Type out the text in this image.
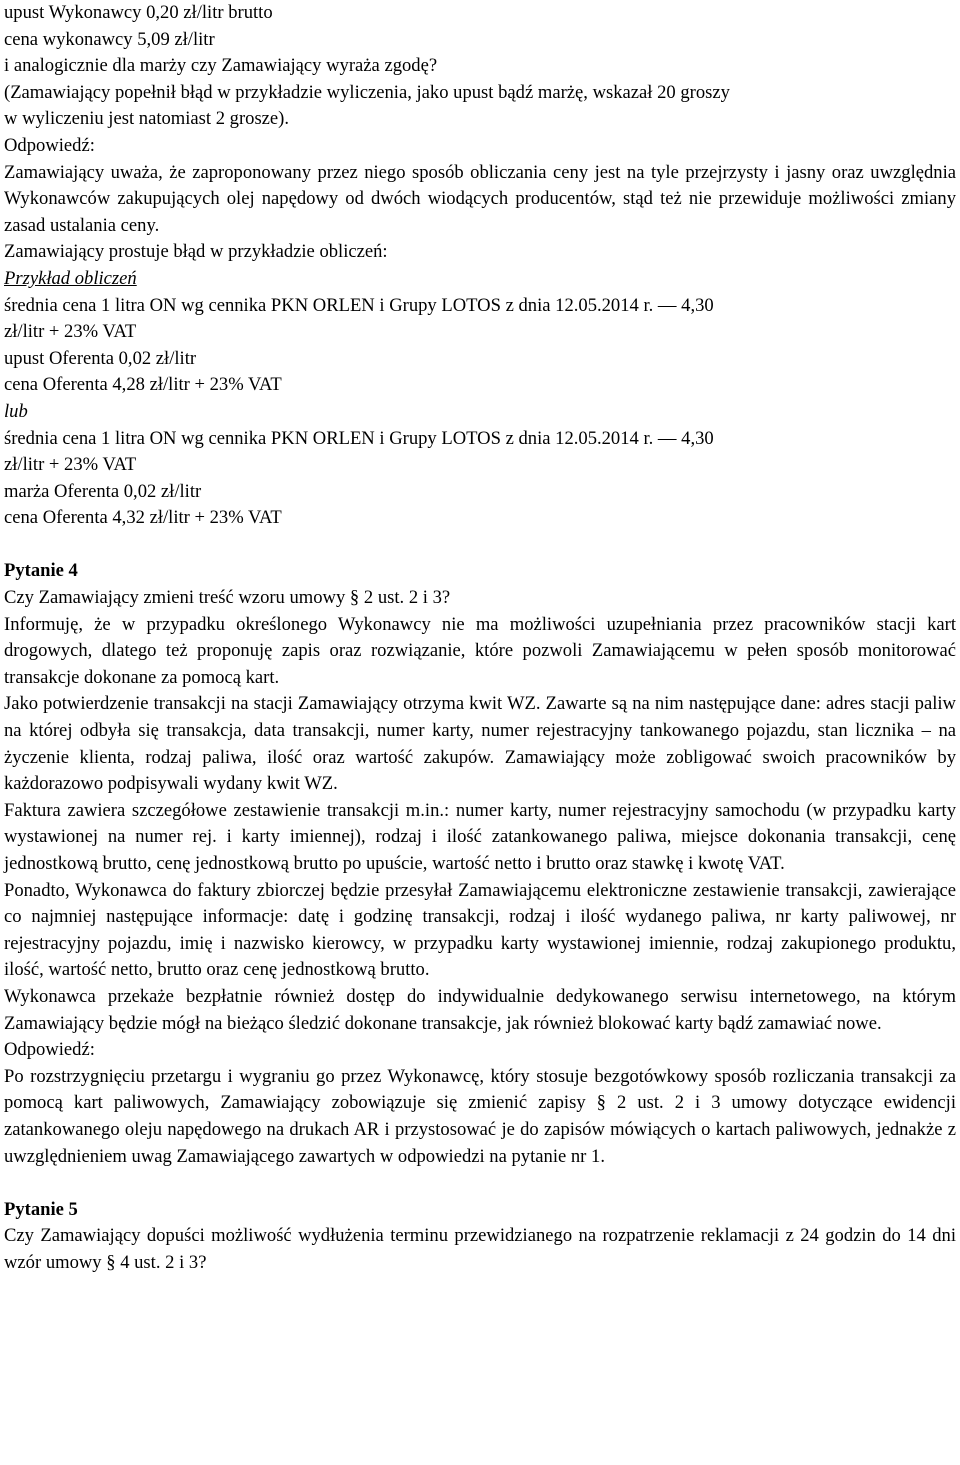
upust Wykonawcy 0,20 zł/litr brutto
cena wykonawcy 5,09 zł/litr
i analogicznie dla marży czy Zamawiający wyraża zgodę?
(Zamawiający popełnił błąd w przykładzie wyliczenia, jako upust bądź marżę, wskazał 20 groszy
w wyliczeniu jest natomiast 2 grosze).
Odpowiedź:
Zamawiający uważa, że zaproponowany przez niego sposób obliczania ceny jest na tyle przejrzysty i jasny oraz uwzględnia Wykonawców zakupujących olej napędowy od dwóch wiodących producentów, stąd też nie przewiduje możliwości zmiany zasad ustalania ceny.
Zamawiający prostuje błąd w przykładzie obliczeń:
Przykład obliczeń
średnia cena 1 litra ON wg cennika PKN ORLEN i Grupy LOTOS z dnia 12.05.2014 r. — 4,30
zł/litr + 23% VAT
upust Oferenta 0,02 zł/litr
cena Oferenta 4,28 zł/litr + 23% VAT
lub
średnia cena 1 litra ON wg cennika PKN ORLEN i Grupy LOTOS z dnia 12.05.2014 r. — 4,30
zł/litr + 23% VAT
marża Oferenta 0,02 zł/litr
cena Oferenta 4,32 zł/litr + 23% VAT
Pytanie 4
Czy Zamawiający zmieni treść wzoru umowy § 2 ust. 2 i 3?
Informuję, że w przypadku określonego Wykonawcy nie ma możliwości uzupełniania przez pracowników stacji kart drogowych, dlatego też proponuję zapis oraz rozwiązanie, które pozwoli Zamawiającemu w pełen sposób monitorować transakcje dokonane za pomocą kart.
Jako potwierdzenie transakcji na stacji Zamawiający otrzyma kwit WZ. Zawarte są na nim następujące dane: adres stacji paliw na której odbyła się transakcja, data transakcji, numer karty, numer rejestracyjny tankowanego pojazdu, stan licznika – na życzenie klienta, rodzaj paliwa, ilość oraz wartość zakupów. Zamawiający może zobligować swoich pracowników by każdorazowo podpisywali wydany kwit WZ.
Faktura zawiera szczegółowe zestawienie transakcji m.in.: numer karty, numer rejestracyjny samochodu (w przypadku karty wystawionej na numer rej. i karty imiennej), rodzaj i ilość zatankowanego paliwa, miejsce dokonania transakcji, cenę jednostkową brutto, cenę jednostkową brutto po upuście, wartość netto i brutto oraz stawkę i kwotę VAT.
Ponadto, Wykonawca do faktury zbiorczej będzie przesyłał Zamawiającemu elektroniczne zestawienie transakcji, zawierające co najmniej następujące informacje: datę i godzinę transakcji, rodzaj i ilość wydanego paliwa, nr karty paliwowej, nr rejestracyjny pojazdu, imię i nazwisko kierowcy, w przypadku karty wystawionej imiennie, rodzaj zakupionego produktu, ilość, wartość netto, brutto oraz cenę jednostkową brutto.
Wykonawca przekaże bezpłatnie również dostęp do indywidualnie dedykowanego serwisu internetowego, na którym Zamawiający będzie mógł na bieżąco śledzić dokonane transakcje, jak również blokować karty bądź zamawiać nowe.
Odpowiedź:
Po rozstrzygnięciu przetargu i wygraniu go przez Wykonawcę, który stosuje bezgotówkowy sposób rozliczania transakcji za pomocą kart paliwowych, Zamawiający zobowiązuje się zmienić zapisy § 2 ust. 2 i 3 umowy dotyczące ewidencji zatankowanego oleju napędowego na drukach AR i przystosować je do zapisów mówiących o kartach paliwowych, jednakże z uwzględnieniem uwag Zamawiającego zawartych w odpowiedzi na pytanie nr 1.
Pytanie 5
Czy Zamawiający dopuści możliwość wydłużenia terminu przewidzianego na rozpatrzenie reklamacji z 24 godzin do 14 dni wzór umowy § 4 ust. 2 i 3?
